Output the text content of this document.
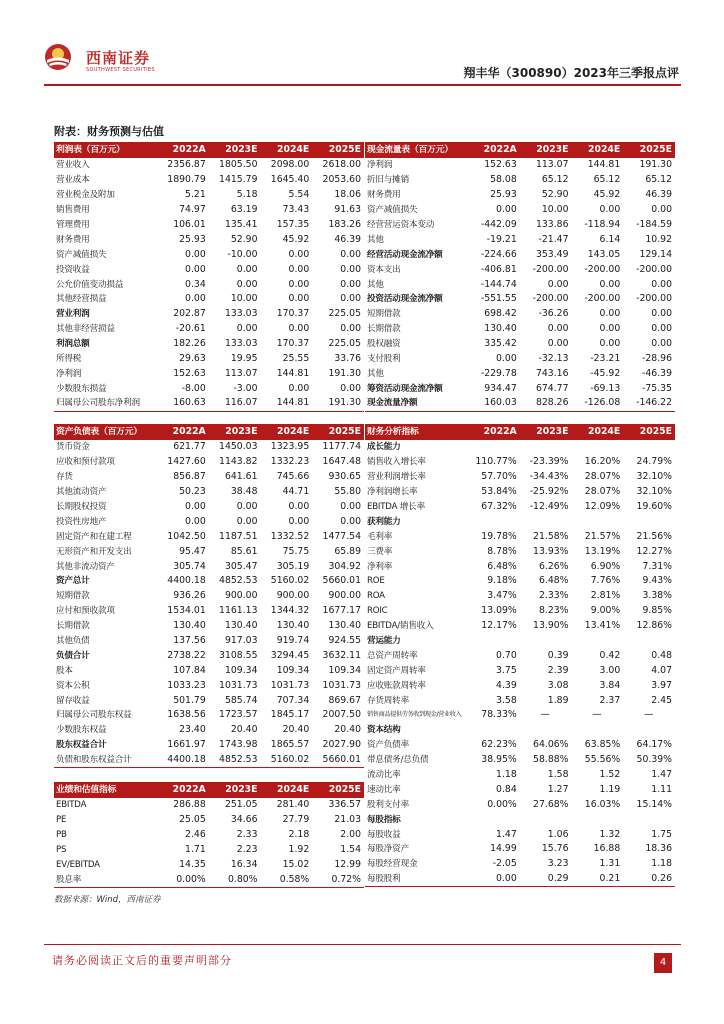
西南证券
SOUTHWEST SECURITIES	翔丰华（300890）2023年三季报点评
附表：财务预测与估值
利润表（百万元）	2022A	2023E	2024E	2025E
营业收入	2356.87	1805.50	2098.00	2618.00
营业成本	1890.79	1415.79	1645.40	2053.60
营业税金及附加	5.21	5.18	5.54	18.06
销售费用	74.97	63.19	73.43	91.63
管理费用	106.01	135.41	157.35	183.26
财务费用	25.93	52.90	45.92	46.39
资产减值损失	0.00	-10.00	0.00	0.00
投资收益	0.00	0.00	0.00	0.00
公允价值变动损益	0.34	0.00	0.00	0.00
其他经营损益	0.00	10.00	0.00	0.00
营业利润	202.87	133.03	170.37	225.05
其他非经营损益	-20.61	0.00	0.00	0.00
利润总额	182.26	133.03	170.37	225.05
所得税	29.63	19.95	25.55	33.76
净利润	152.63	113.07	144.81	191.30
少数股东损益	-8.00	-3.00	0.00	0.00
归属母公司股东净利润	160.63	116.07	144.81	191.30
现金流量表（百万元）	2022A	2023E	2024E	2025E
净利润	152.63	113.07	144.81	191.30
折旧与摊销	58.08	65.12	65.12	65.12
财务费用	25.93	52.90	45.92	46.39
资产减值损失	0.00	10.00	0.00	0.00
经营营运资本变动	-442.09	133.86	-118.94	-184.59
其他	-19.21	-21.47	6.14	10.92
经营活动现金流净额	-224.66	353.49	143.05	129.14
资本支出	-406.81	-200.00	-200.00	-200.00
其他	-144.74	0.00	0.00	0.00
投资活动现金流净额	-551.55	-200.00	-200.00	-200.00
短期借款	698.42	-36.26	0.00	0.00
长期借款	130.40	0.00	0.00	0.00
股权融资	335.42	0.00	0.00	0.00
支付股利	0.00	-32.13	-23.21	-28.96
其他	-229.78	743.16	-45.92	-46.39
筹资活动现金流净额	934.47	674.77	-69.13	-75.35
现金流量净额	160.03	828.26	-126.08	-146.22
资产负债表（百万元）	2022A	2023E	2024E	2025E
货币资金	621.77	1450.03	1323.95	1177.74
应收和预付款项	1427.60	1143.82	1332.23	1647.48
存货	856.87	641.61	745.66	930.65
其他流动资产	50.23	38.48	44.71	55.80
长期股权投资	0.00	0.00	0.00	0.00
投资性房地产	0.00	0.00	0.00	0.00
固定资产和在建工程	1042.50	1187.51	1332.52	1477.54
无形资产和开发支出	95.47	85.61	75.75	65.89
其他非流动资产	305.74	305.47	305.19	304.92
资产总计	4400.18	4852.53	5160.02	5660.01
短期借款	936.26	900.00	900.00	900.00
应付和预收款项	1534.01	1161.13	1344.32	1677.17
长期借款	130.40	130.40	130.40	130.40
其他负债	137.56	917.03	919.74	924.55
负债合计	2738.22	3108.55	3294.45	3632.11
股本	107.84	109.34	109.34	109.34
资本公积	1033.23	1031.73	1031.73	1031.73
留存收益	501.79	585.74	707.34	869.67
归属母公司股东权益	1638.56	1723.57	1845.17	2007.50
少数股东权益	23.40	20.40	20.40	20.40
股东权益合计	1661.97	1743.98	1865.57	2027.90
负债和股东权益合计	4400.18	4852.53	5160.02	5660.01
财务分析指标	2022A	2023E	2024E	2025E
成长能力				
销售收入增长率	110.77%	-23.39%	16.20%	24.79%
营业利润增长率	57.70%	-34.43%	28.07%	32.10%
净利润增长率	53.84%	-25.92%	28.07%	32.10%
EBITDA 增长率	67.32%	-12.49%	12.09%	19.60%
获利能力				
毛利率	19.78%	21.58%	21.57%	21.56%
三费率	8.78%	13.93%	13.19%	12.27%
净利率	6.48%	6.26%	6.90%	7.31%
ROE	9.18%	6.48%	7.76%	9.43%
ROA	3.47%	2.33%	2.81%	3.38%
ROIC	13.09%	8.23%	9.00%	9.85%
EBITDA/销售收入	12.17%	13.90%	13.41%	12.86%
营运能力				
总资产周转率	0.70	0.39	0.42	0.48
固定资产周转率	3.75	2.39	3.00	4.07
应收账款周转率	4.39	3.08	3.84	3.97
存货周转率	3.58	1.89	2.37	2.45
销售商品提供劳务收到现金/营业收入	78.33%	—	—	—
资本结构				
资产负债率	62.23%	64.06%	63.85%	64.17%
带息债务/总负债	38.95%	58.88%	55.56%	50.39%
流动比率	1.18	1.58	1.52	1.47
速动比率	0.84	1.27	1.19	1.11
股利支付率	0.00%	27.68%	16.03%	15.14%
每股指标				
每股收益	1.47	1.06	1.32	1.75
每股净资产	14.99	15.76	16.88	18.36
每股经营现金	-2.05	3.23	1.31	1.18
每股股利	0.00	0.29	0.21	0.26
业绩和估值指标	2022A	2023E	2024E	2025E
EBITDA	286.88	251.05	281.40	336.57
PE	25.05	34.66	27.79	21.03
PB	2.46	2.33	2.18	2.00
PS	1.71	2.23	1.92	1.54
EV/EBITDA	14.35	16.34	15.02	12.99
股息率	0.00%	0.80%	0.58%	0.72%
数据来源：Wind，西南证券
请务必阅读正文后的重要声明部分	4
